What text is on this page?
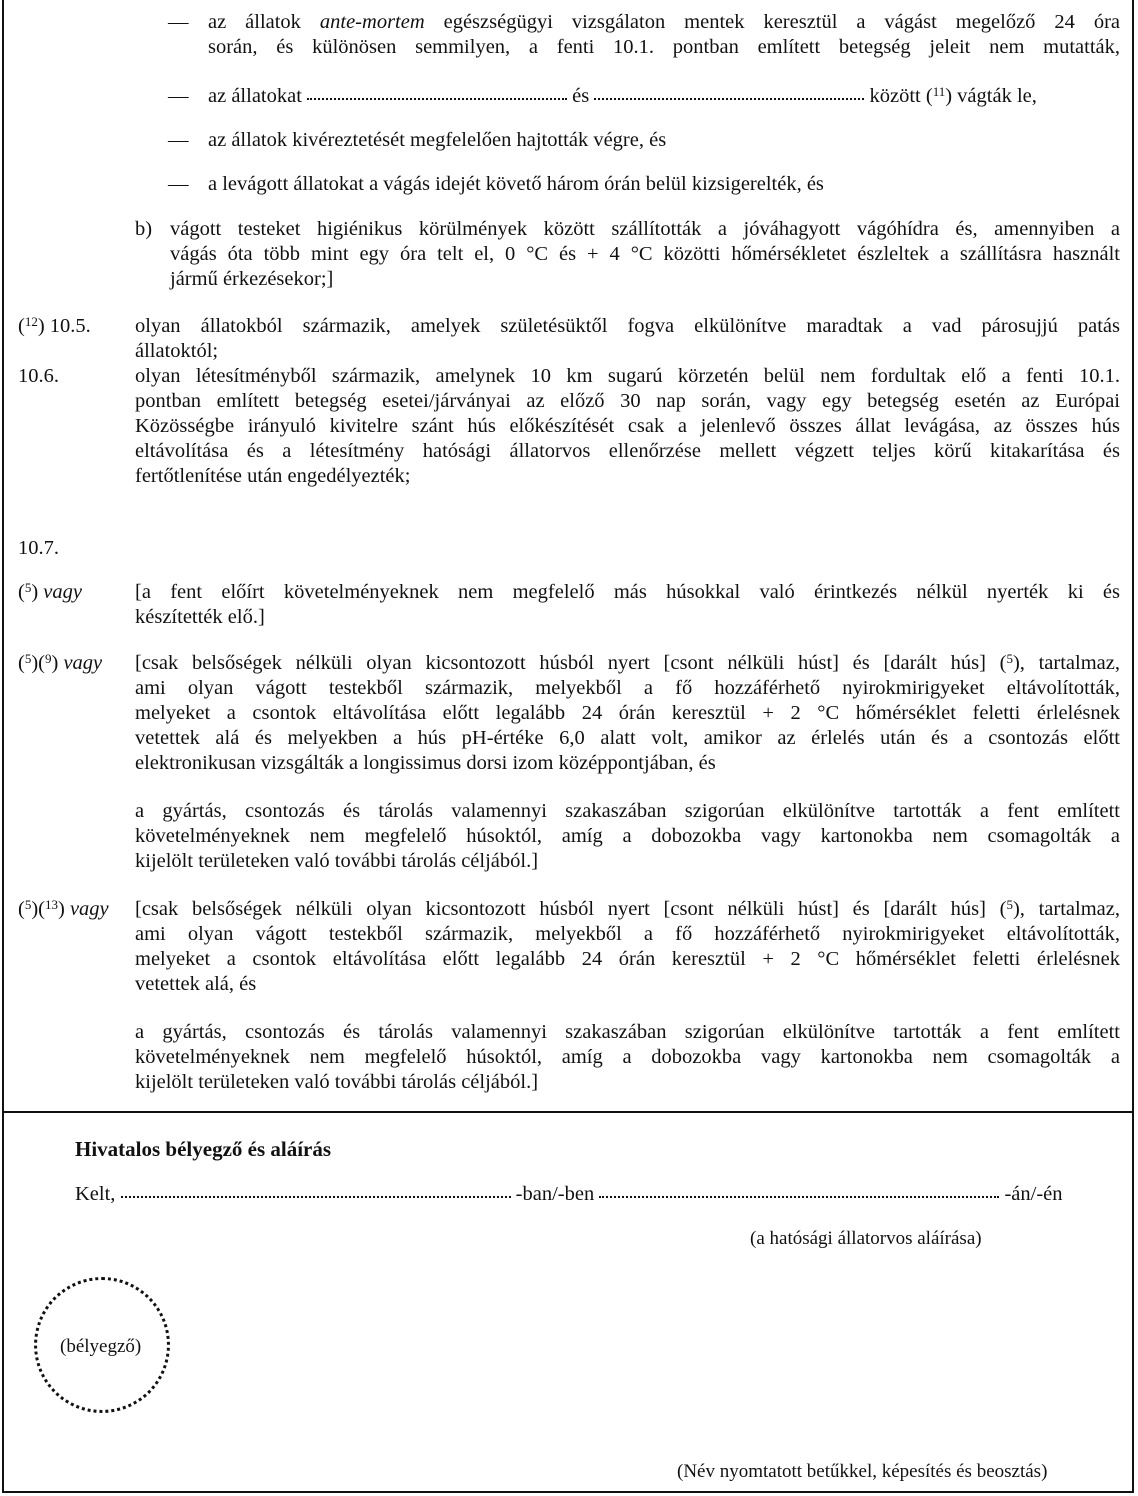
— az állatok ante-mortem egészségügyi vizsgálaton mentek keresztül a vágást megelőző 24 óra
során, és különösen semmilyen, a fenti 10.1. pontban említett betegség jeleit nem mutatták,
— az állatokat	és	között ($^{11}$) vágták le,
— az állatok kivéreztetését megfelelően hajtották végre, és
— a levágott állatokat a vágás idejét követő három órán belül kizsigerelték, és
b) vágott testeket higiénikus körülmények között szállították a jóváhagyott vágóhídra és, amennyiben a
vágás óta több mint egy óra telt el, 0 °C és + 4 °C közötti hőmérsékletet észleltek a szállításra használt
jármű érkezésekor;]
($^{12}$) 10.5. olyan állatokból származik, amelyek születésüktől fogva elkülönítve maradtak a vad párosujjú patás
állatoktól;
10.6.	olyan létesítményből származik, amelynek 10 km sugarú körzetén belül nem fordultak elő a fenti 10.1.
pontban említett betegség esetei/járványai az előző 30 nap során, vagy egy betegség esetén az Európai
Közösségbe irányuló kivitelre szánt hús előkészítését csak a jelenlevő összes állat levágása, az összes hús
eltávolítása és a létesítmény hatósági állatorvos ellenőrzése mellett végzett teljes körű kitakarítása és
fertőtlenítése után engedélyezték;
10.7.
($^5$) vagy	[a fent előírt követelményeknek nem megfelelő más húsokkal való érintkezés nélkül nyerték ki és
készítették elő.]
($^5$)($^9$) vagy [csak belsőségek nélküli olyan kicsontozott húsból nyert [csont nélküli húst] és [darált hús] ($^5$), tartalmaz,
ami olyan vágott testekből származik, melyekből a fő hozzáférhető nyirokmirigyeket eltávolították,
melyeket a csontok eltávolítása előtt legalább 24 órán keresztül + 2 °C hőmérséklet feletti érlelésnek
vetettek alá és melyekben a hús pH-értéke 6,0 alatt volt, amikor az érlelés után és a csontozás előtt
elektronikusan vizsgálták a longissimus dorsi izom középpontjában, és
a gyártás, csontozás és tárolás valamennyi szakaszában szigorúan elkülönítve tartották a fent említett
követelményeknek nem megfelelő húsoktól, amíg a dobozokba vagy kartonokba nem csomagolták a
kijelölt területeken való további tárolás céljából.]
($^5$)($^{13}$) vagy [csak belsőségek nélküli olyan kicsontozott húsból nyert [csont nélküli húst] és [darált hús] ($^5$), tartalmaz,
ami olyan vágott testekből származik, melyekből a fő hozzáférhető nyirokmirigyeket eltávolították,
melyeket a csontok eltávolítása előtt legalább 24 órán keresztül + 2 °C hőmérséklet feletti érlelésnek
vetettek alá, és
a gyártás, csontozás és tárolás valamennyi szakaszában szigorúan elkülönítve tartották a fent említett
követelményeknek nem megfelelő húsoktól, amíg a dobozokba vagy kartonokba nem csomagolták a
kijelölt területeken való további tárolás céljából.]
Hivatalos bélyegző és aláírás
Kelt,	-ban/-ben	-án/-én
(a hatósági állatorvos aláírása)
(bélyegző)
(Név nyomtatott betűkkel, képesítés és beosztás)
